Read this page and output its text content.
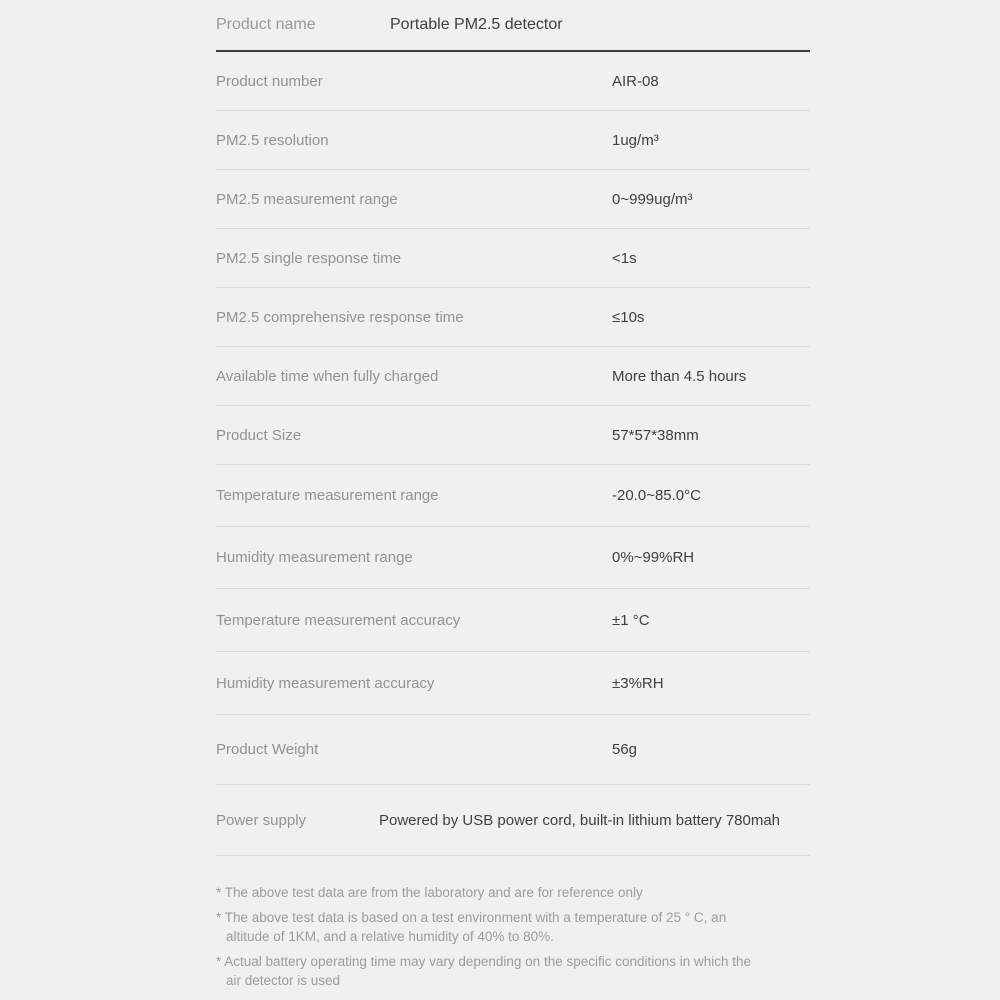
Product name	Portable PM2.5 detector
Product number	AIR-08
PM2.5 resolution	1ug/m³
PM2.5 measurement range	0~999ug/m³
PM2.5 single response time	<1s
PM2.5 comprehensive response time	≤10s
Available time when fully charged	More than 4.5 hours
Product Size	57*57*38mm
Temperature measurement range	-20.0~85.0°C
Humidity measurement range	0%~99%RH
Temperature measurement accuracy	±1 °C
Humidity measurement accuracy	±3%RH
Product Weight	56g
Power supply	Powered by USB power cord, built-in lithium battery 780mah
* The above test data are from the laboratory and are for reference only
* The above test data is based on a test environment with a temperature of 25 ° C, an
altitude of 1KM, and a relative humidity of 40% to 80%.
* Actual battery operating time may vary depending on the specific conditions in which the
air detector is used
